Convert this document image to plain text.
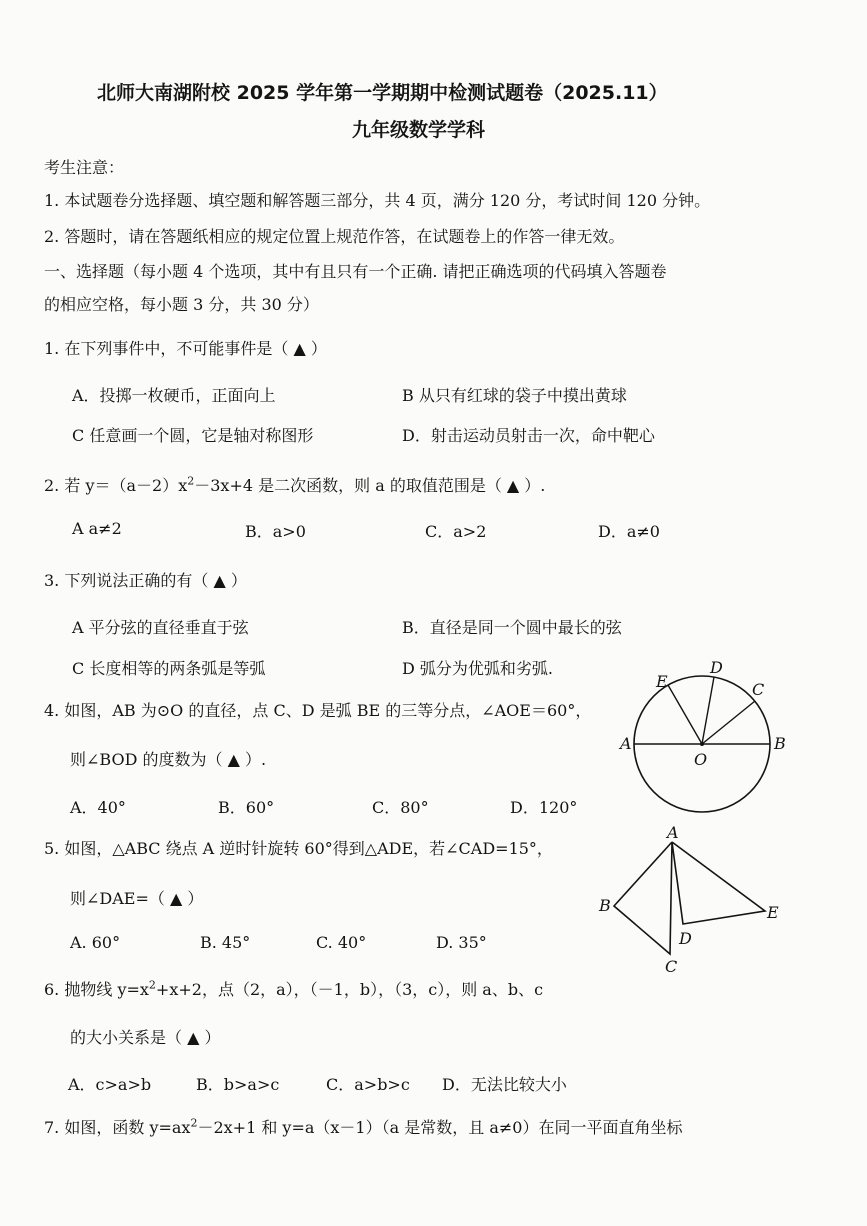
北师大南湖附校 2025 学年第一学期期中检测试题卷（2025.11）
九年级数学学科
考生注意：
1. 本试题卷分选择题、填空题和解答题三部分，共 4 页，满分 120 分，考试时间 120 分钟。
2. 答题时，请在答题纸相应的规定位置上规范作答，在试题卷上的作答一律无效。
一、选择题（每小题 4 个选项，其中有且只有一个正确. 请把正确选项的代码填入答题卷
的相应空格，每小题 3 分，共 30 分）
1. 在下列事件中，不可能事件是（ ▲ ）
A．投掷一枚硬币，正面向上	B 从只有红球的袋子中摸出黄球
C 任意画一个圆，它是轴对称图形	D．射击运动员射击一次，命中靶心
2. 若 $y=(a-2)x^2-3x+4$ 是二次函数，则 a 的取值范围是（ ▲ ）.
A a≠2	B．a>0	C．a>2	D．a≠0
3. 下列说法正确的有（ ▲ ）
A 平分弦的直径垂直于弦	B．直径是同一个圆中最长的弦
C 长度相等的两条弧是等弧	D 弧分为优弧和劣弧.
4. 如图，AB 为⊙O 的直径，点 C、D 是弧 BE 的三等分点，∠AOE＝60°，
则∠BOD 的度数为（ ▲ ）.
A．40°	B．60°	C．80°	D．120°
A	B
C
D
E
O
5. 如图，△ABC 绕点 A 逆时针旋转 60°得到△ADE，若∠CAD=15°，
则∠DAE=（ ▲ ）
A. 60°	B. 45°	C. 40°	D. 35°
A
B
C
D
E
6. 抛物线 $y=x^2+x+2$，点（2，a），（－1，b），（3，c），则 a、b、c
的大小关系是（ ▲ ）
A．c>a>b	B．b>a>c	C．a>b>c D．无法比较大小
7. 如图，函数 $y=ax^2-2x+1$ 和 y=a（x－1）（a 是常数，且 a≠0）在同一平面直角坐标
